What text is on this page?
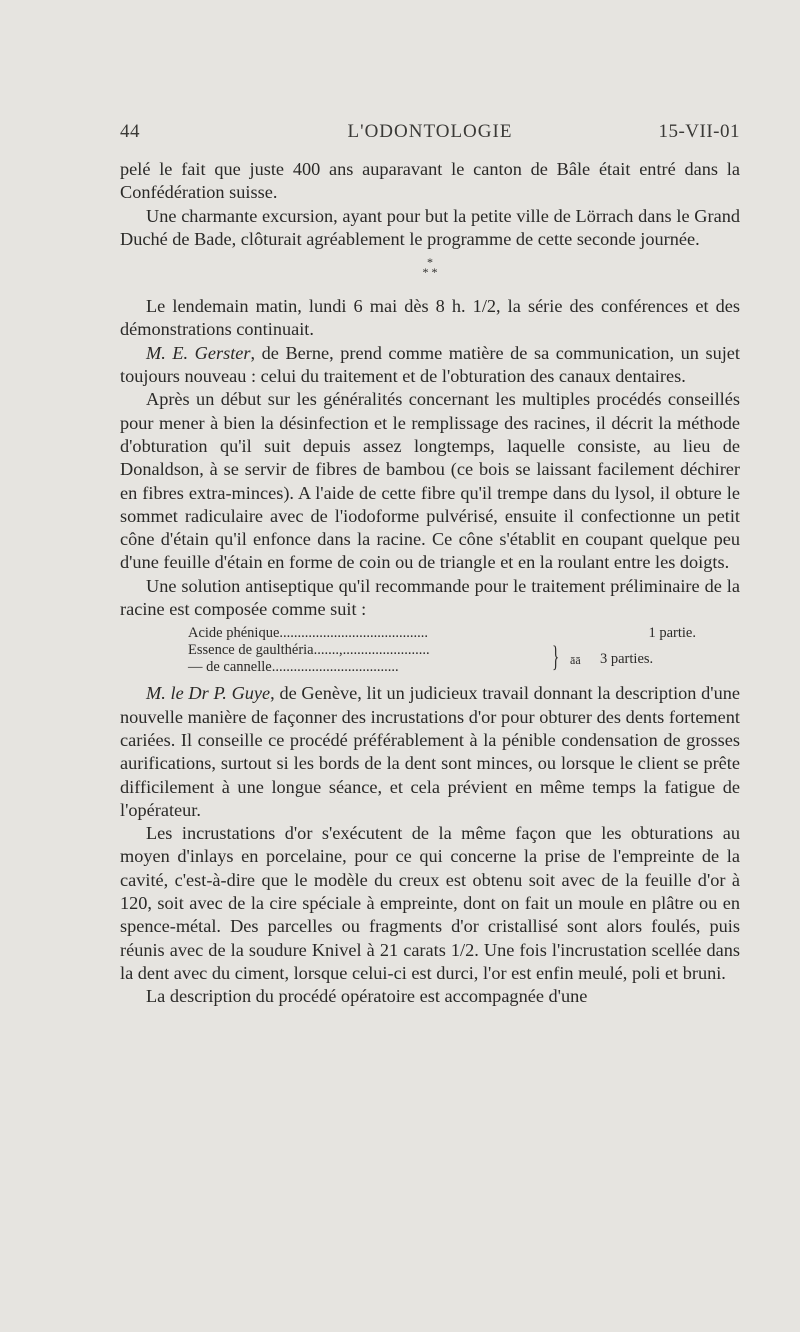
44	L'ODONTOLOGIE	15-VII-01

pelé le fait que juste 400 ans auparavant le canton de Bâle était entré dans la Confédération suisse.

Une charmante excursion, ayant pour but la petite ville de Lörrach dans le Grand Duché de Bade, clôturait agréablement le programme de cette seconde journée.

*
* *

Le lendemain matin, lundi 6 mai dès 8 h. 1/2, la série des conférences et des démonstrations continuait.

M. E. Gerster, de Berne, prend comme matière de sa communication, un sujet toujours nouveau : celui du traitement et de l'obturation des canaux dentaires.

Après un début sur les généralités concernant les multiples procédés conseillés pour mener à bien la désinfection et le remplissage des racines, il décrit la méthode d'obturation qu'il suit depuis assez longtemps, laquelle consiste, au lieu de Donaldson, à se servir de fibres de bambou (ce bois se laissant facilement déchirer en fibres extra-minces). A l'aide de cette fibre qu'il trempe dans du lysol, il obture le sommet radiculaire avec de l'iodoforme pulvérisé, ensuite il confectionne un petit cône d'étain qu'il enfonce dans la racine. Ce cône s'établit en coupant quelque peu d'une feuille d'étain en forme de coin ou de triangle et en la roulant entre les doigts.

Une solution antiseptique qu'il recommande pour le traitement préliminaire de la racine est composée comme suit :

Acide phénique.........................................	1 partie.
Essence de gaulthéria.......,........................
— de cannelle...................................	} āā 3 parties.

M. le Dr P. Guye, de Genève, lit un judicieux travail donnant la description d'une nouvelle manière de façonner des incrustations d'or pour obturer des dents fortement cariées. Il conseille ce procédé préférablement à la pénible condensation de grosses aurifications, surtout si les bords de la dent sont minces, ou lorsque le client se prête difficilement à une longue séance, et cela prévient en même temps la fatigue de l'opérateur.

Les incrustations d'or s'exécutent de la même façon que les obturations au moyen d'inlays en porcelaine, pour ce qui concerne la prise de l'empreinte de la cavité, c'est-à-dire que le modèle du creux est obtenu soit avec de la feuille d'or à 120, soit avec de la cire spéciale à empreinte, dont on fait un moule en plâtre ou en spence-métal. Des parcelles ou fragments d'or cristallisé sont alors foulés, puis réunis avec de la soudure Knivel à 21 carats 1/2. Une fois l'incrustation scellée dans la dent avec du ciment, lorsque celui-ci est durci, l'or est enfin meulé, poli et bruni.

La description du procédé opératoire est accompagnée d'une
